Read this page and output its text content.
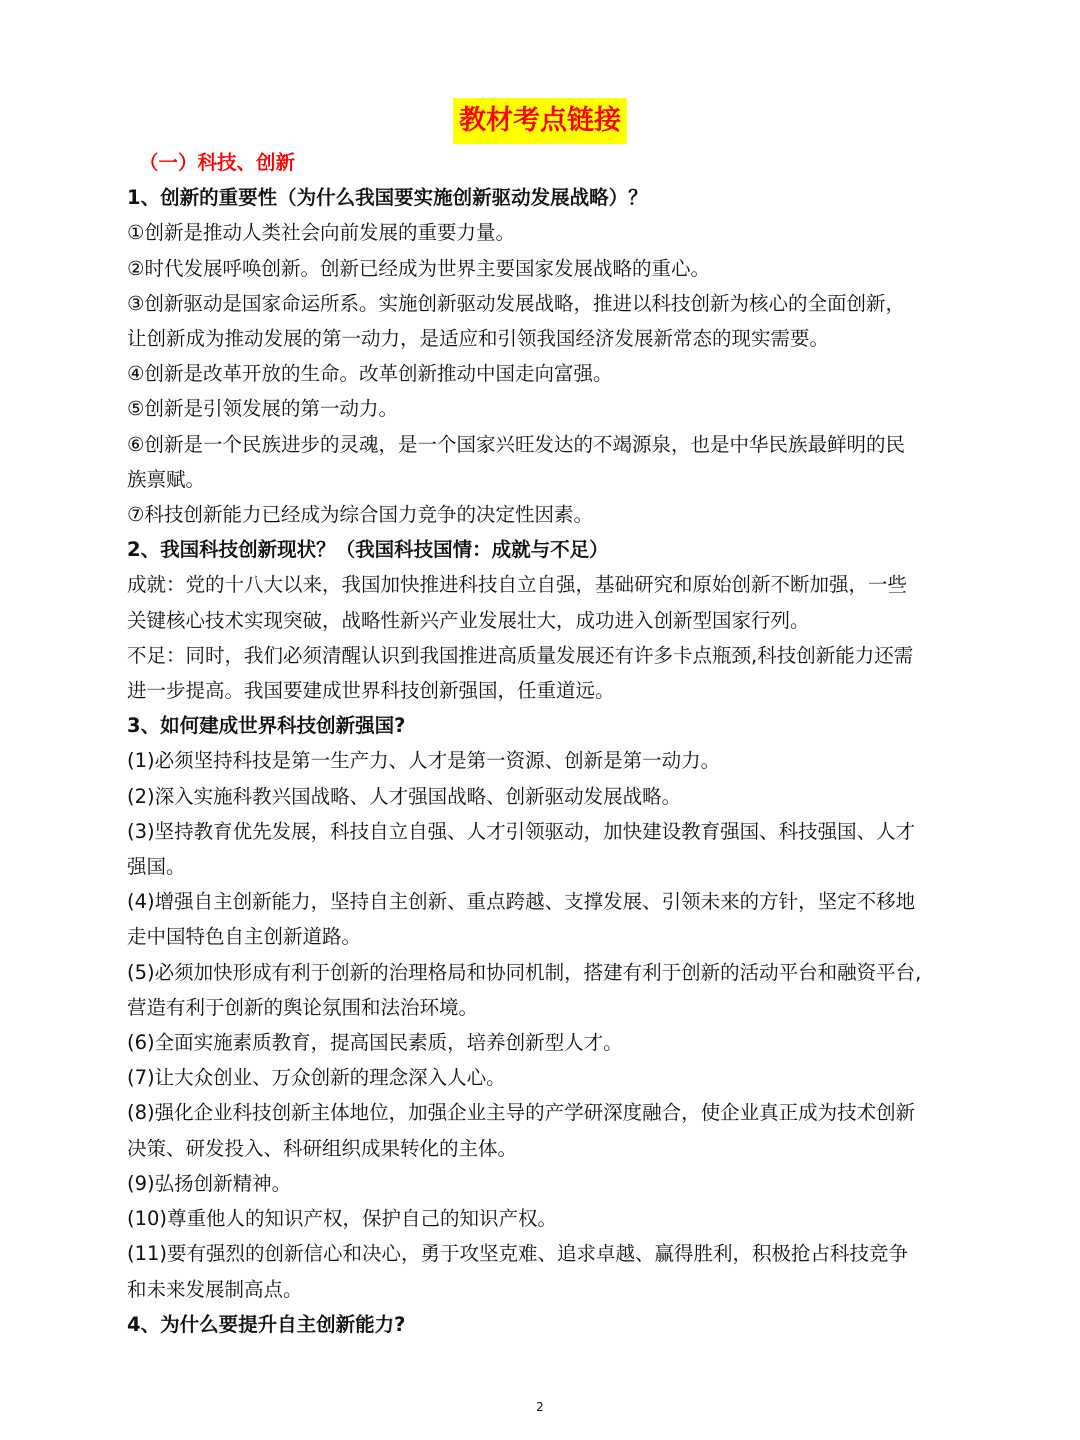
教材考点链接
（一）科技、创新
1、创新的重要性（为什么我国要实施创新驱动发展战略）？
①创新是推动人类社会向前发展的重要力量。
②时代发展呼唤创新。创新已经成为世界主要国家发展战略的重心。
③创新驱动是国家命运所系。实施创新驱动发展战略，推进以科技创新为核心的全面创新，
让创新成为推动发展的第一动力，是适应和引领我国经济发展新常态的现实需要。
④创新是改革开放的生命。改革创新推动中国走向富强。
⑤创新是引领发展的第一动力。
⑥创新是一个民族进步的灵魂，是一个国家兴旺发达的不竭源泉，也是中华民族最鲜明的民
族禀赋。
⑦科技创新能力已经成为综合国力竞争的决定性因素。
2、我国科技创新现状？（我国科技国情：成就与不足）
成就：党的十八大以来，我国加快推进科技自立自强，基础研究和原始创新不断加强，一些
关键核心技术实现突破，战略性新兴产业发展壮大，成功进入创新型国家行列。
不足：同时，我们必须清醒认识到我国推进高质量发展还有许多卡点瓶颈,科技创新能力还需
进一步提高。我国要建成世界科技创新强国，任重道远。
3、如何建成世界科技创新强国?
(1)必须坚持科技是第一生产力、人才是第一资源、创新是第一动力。
(2)深入实施科教兴国战略、人才强国战略、创新驱动发展战略。
(3)坚持教育优先发展，科技自立自强、人才引领驱动，加快建设教育强国、科技强国、人才
强国。
(4)增强自主创新能力，坚持自主创新、重点跨越、支撑发展、引领未来的方针，坚定不移地
走中国特色自主创新道路。
(5)必须加快形成有利于创新的治理格局和协同机制，搭建有利于创新的活动平台和融资平台,
营造有利于创新的舆论氛围和法治环境。
(6)全面实施素质教育，提高国民素质，培养创新型人才。
(7)让大众创业、万众创新的理念深入人心。
(8)强化企业科技创新主体地位，加强企业主导的产学研深度融合，使企业真正成为技术创新
决策、研发投入、科研组织成果转化的主体。
(9)弘扬创新精神。
(10)尊重他人的知识产权，保护自己的知识产权。
(11)要有强烈的创新信心和决心，勇于攻坚克难、追求卓越、赢得胜利，积极抢占科技竞争
和未来发展制高点。
4、为什么要提升自主创新能力?
2
